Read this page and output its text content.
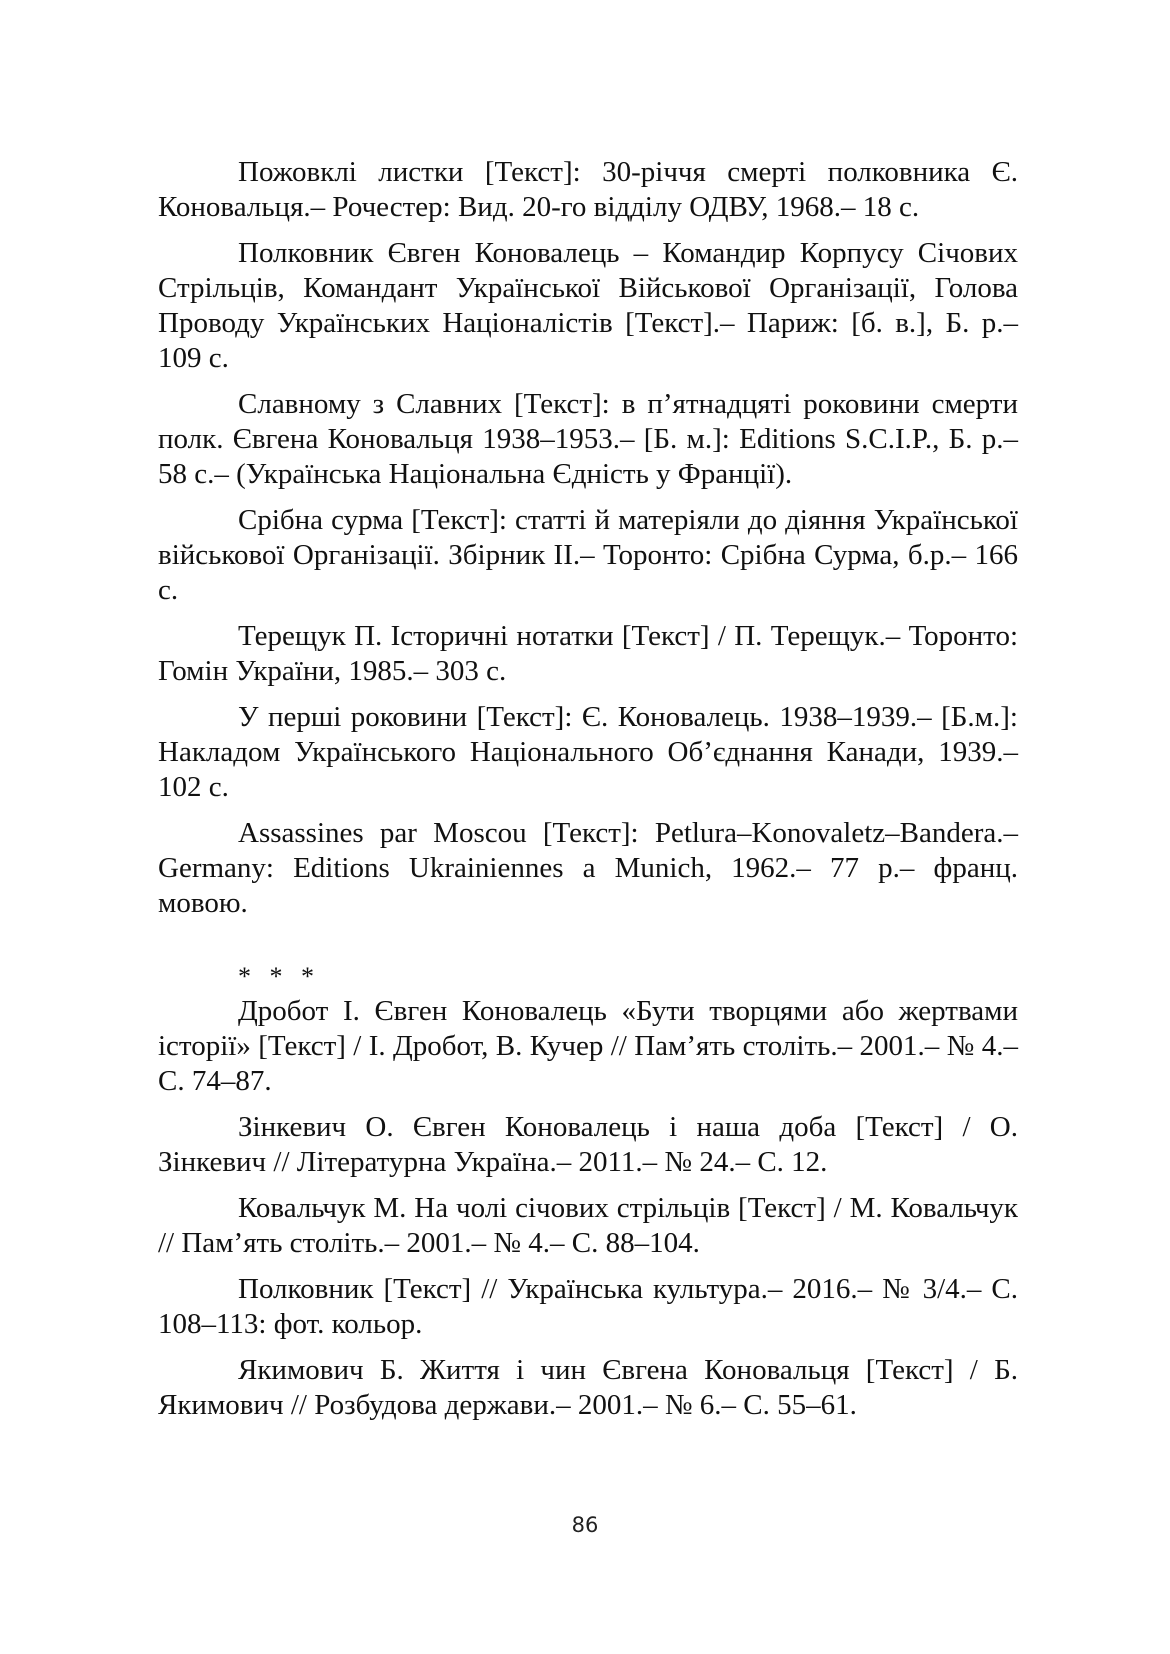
Пожовклі листки [Текст]: 30-річчя смерті полковника Є. Коновальця.– Рочестер: Вид. 20-го відділу ОДВУ, 1968.– 18 с.

Полковник Євген Коновалець – Командир Корпусу Січових Стрільців, Командант Української Військової Організації, Голова Проводу Українських Націоналістів [Текст].– Париж: [б. в.], Б. р.– 109 с.

Славному з Славних [Текст]: в п’ятнадцяті роковини смерти полк. Євгена Коновальця 1938–1953.– [Б. м.]: Editions S.C.I.P., Б. р.– 58 с.– (Українська Національна Єдність у Франції).

Срібна сурма [Текст]: статті й матеріяли до діяння Української військової Організації. Збірник II.– Торонто: Срібна Сурма, б.р.– 166 с.

Терещук П. Історичні нотатки [Текст] / П. Терещук.– Торонто: Гомін України, 1985.– 303 с.

У перші роковини [Текст]: Є. Коновалець. 1938–1939.– [Б.м.]: Накладом Українського Національного Об’єднання Канади, 1939.– 102 с.

Assassines par Moscou [Текст]: Petlura–Konovaletz–Bandera.– Germany: Editions Ukrainiennes a Munich, 1962.– 77 p.– франц. мовою.

* * *

Дробот І. Євген Коновалець «Бути творцями або жертвами історії» [Текст] / І. Дробот, В. Кучер // Пам’ять століть.– 2001.– № 4.– С. 74–87.

Зінкевич О. Євген Коновалець і наша доба [Текст] / О. Зінкевич // Літературна Україна.– 2011.– № 24.– С. 12.

Ковальчук М. На чолі січових стрільців [Текст] / М. Ковальчук // Пам’ять століть.– 2001.– № 4.– С. 88–104.

Полковник [Текст] // Українська культура.– 2016.– № 3/4.– С. 108–113: фот. кольор.

Якимович Б. Життя і чин Євгена Коновальця [Текст] / Б. Якимович // Розбудова держави.– 2001.– № 6.– С. 55–61.

86
